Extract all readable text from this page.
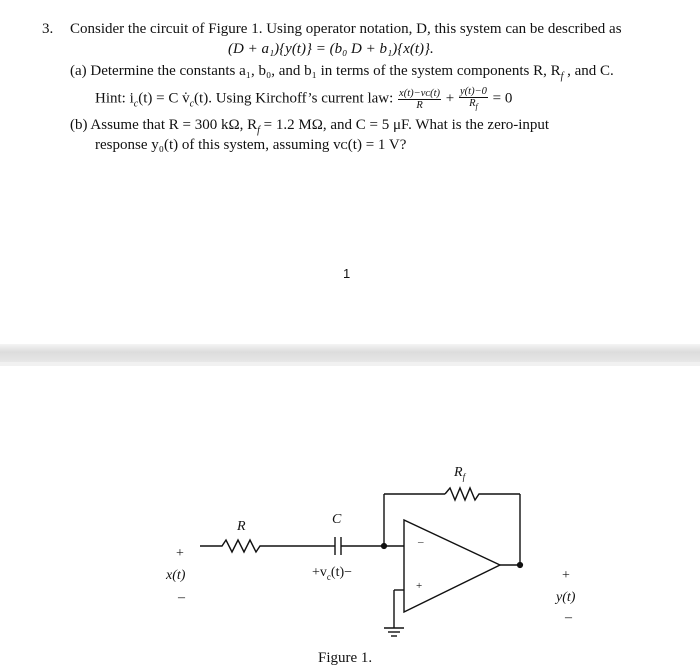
3. Consider the circuit of Figure 1. Using operator notation, D, this system can be described as
(D + a₁){y(t)} = (b₀ D + b₁){x(t)}.
(a) Determine the constants a₁, b₀, and b₁ in terms of the system components R, $R_f$ , and C.
Hint: $i_c(t) = C$ $v̇_c(t)$. Using Kirchoff’s current law: $\frac{\text{x(t)−vᴄ(t)}}{R} + \frac{y(t)-0}{R_f} = 0$
(b) Assume that R = 300 kΩ, $R_f = 1.2$ MΩ, and C = 5 μF. What is the zero-input
response y₀(t) of this system, assuming vᴄ(t) = 1 V?
1
R	C
$R_f$
$+v_c(t)-$
+
x(t)
–
+
y(t)
–
–
+
Figure 1.
